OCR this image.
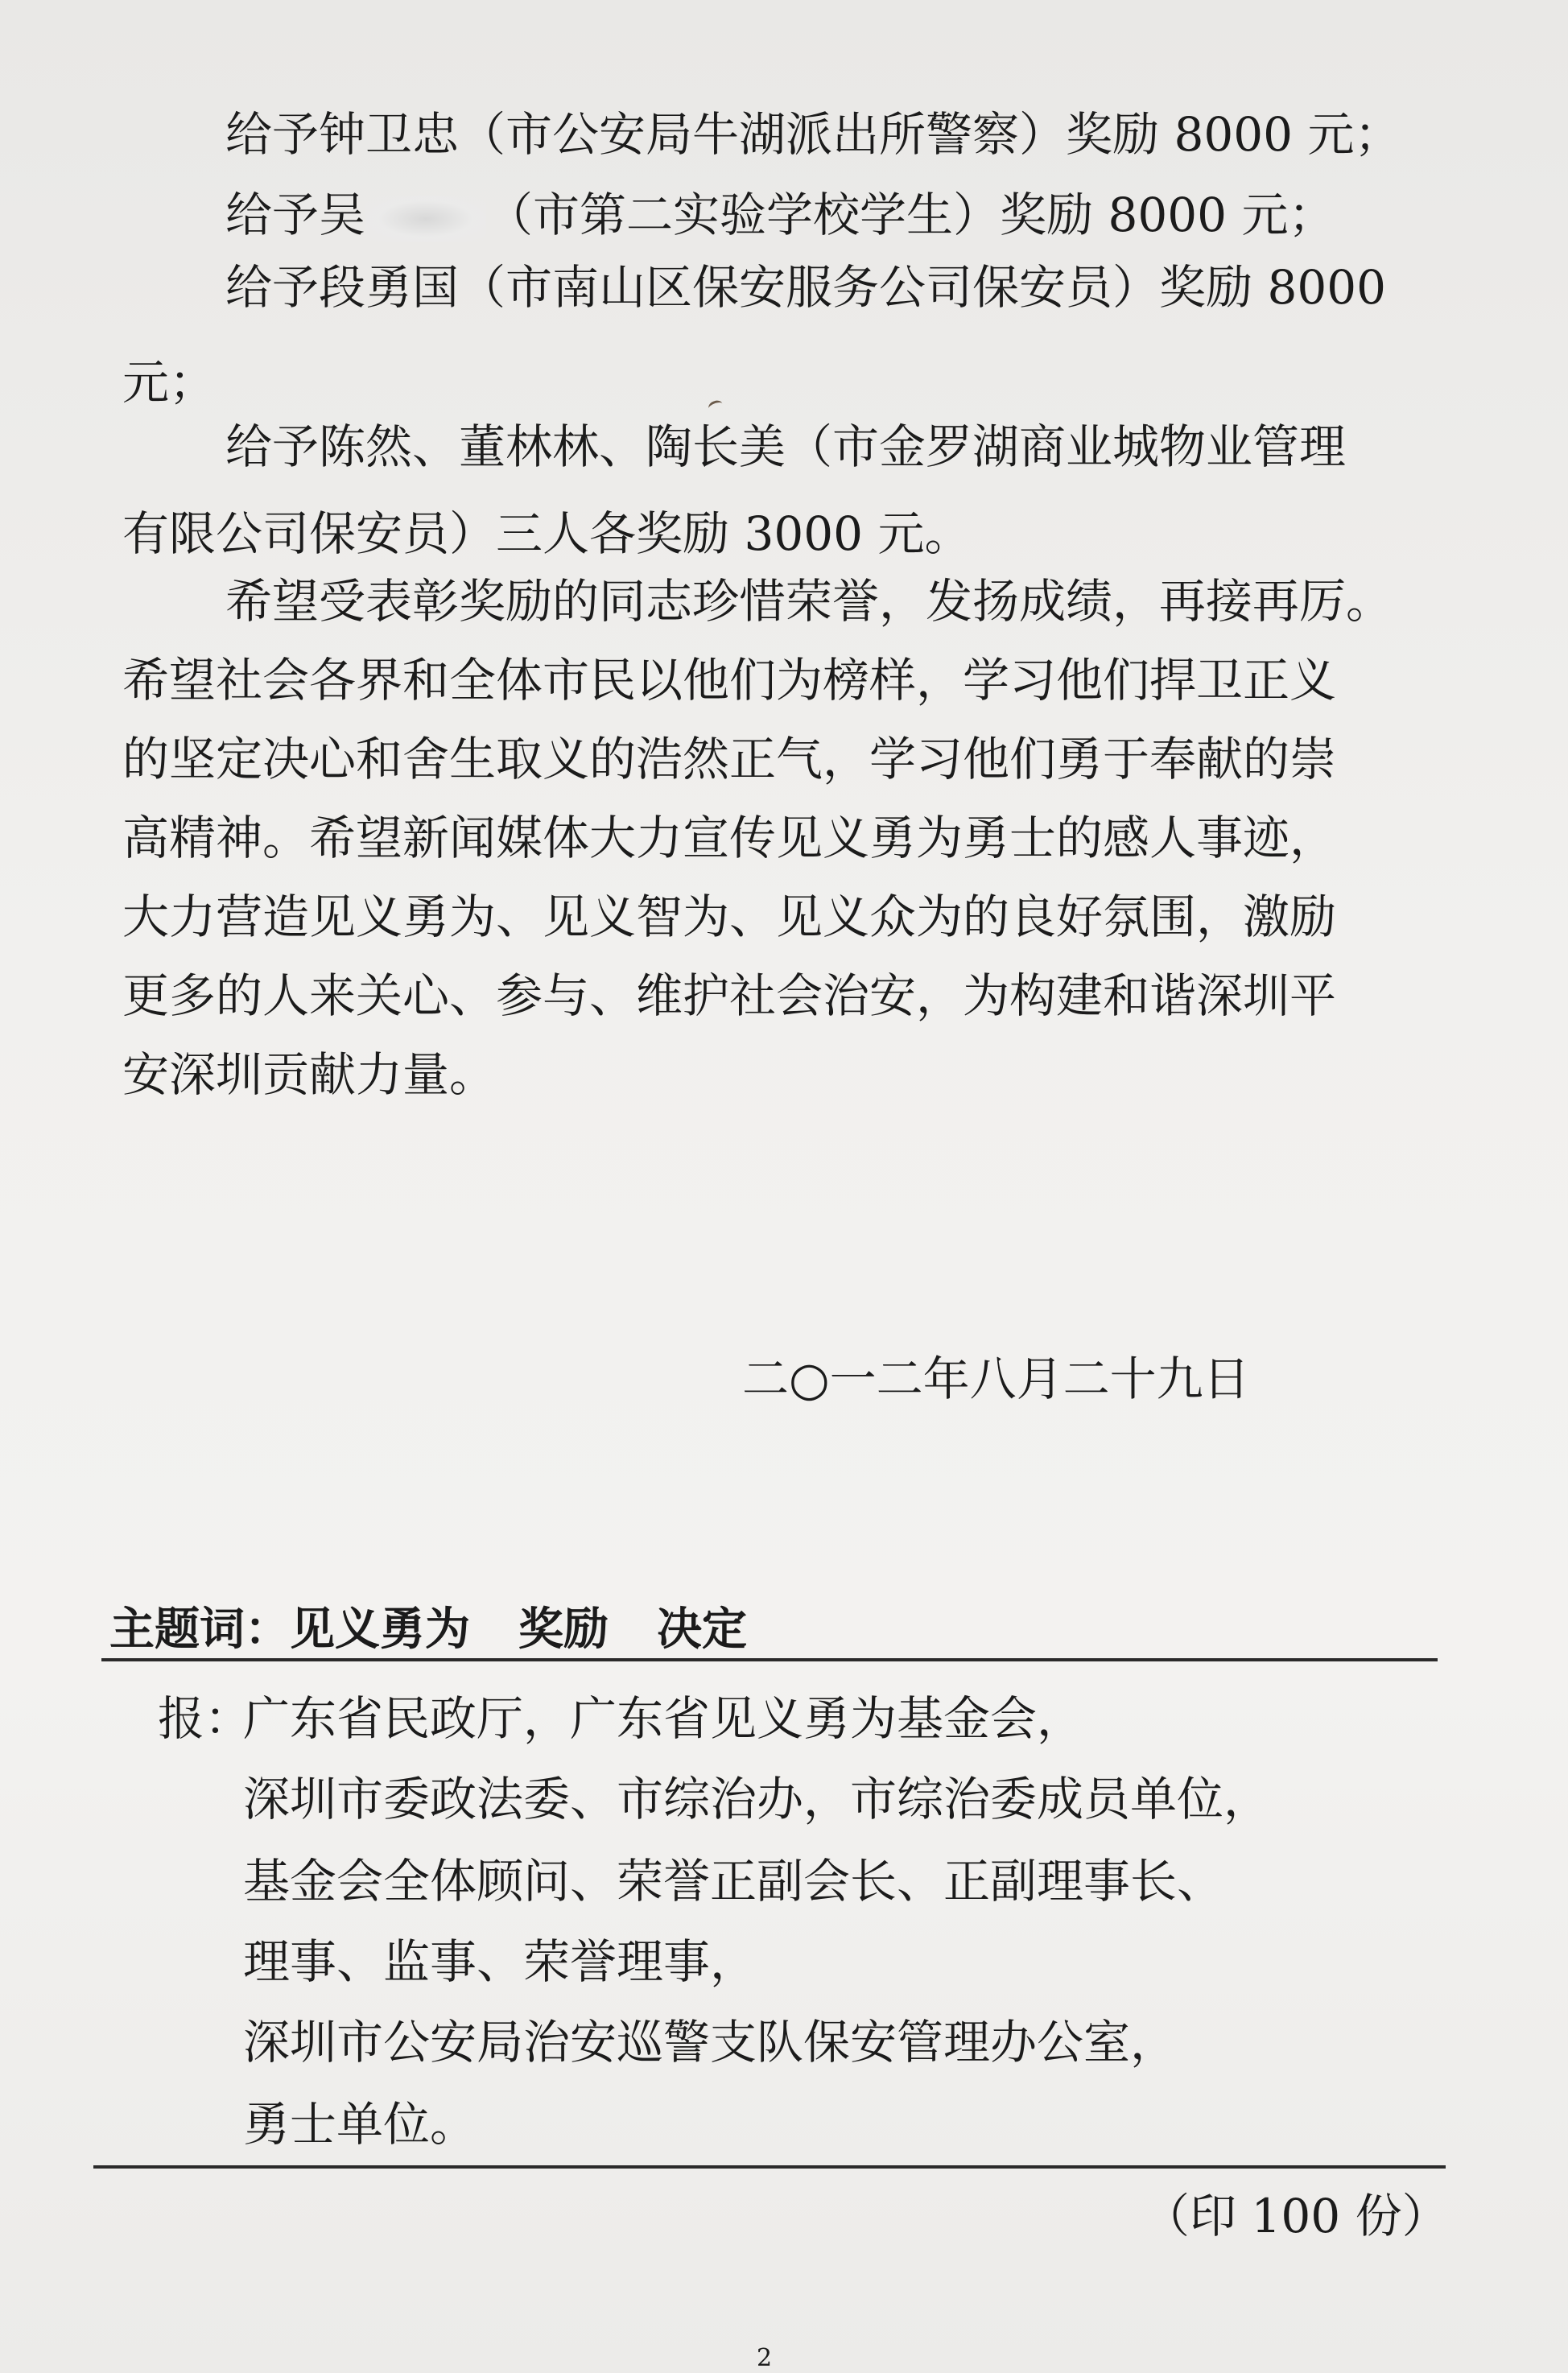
给予钟卫忠（市公安局牛湖派出所警察）奖励 8000 元；
给予吴	（市第二实验学校学生）奖励 8000 元；
给予段勇国（市南山区保安服务公司保安员）奖励 8000
元；
给予陈然、董林林、陶长美（市金罗湖商业城物业管理
有限公司保安员）三人各奖励 3000 元。
希望受表彰奖励的同志珍惜荣誉，发扬成绩，再接再厉。
希望社会各界和全体市民以他们为榜样，学习他们捍卫正义
的坚定决心和舍生取义的浩然正气，学习他们勇于奉献的崇
高精神。希望新闻媒体大力宣传见义勇为勇士的感人事迹，
大力营造见义勇为、见义智为、见义众为的良好氛围，激励
更多的人来关心、参与、维护社会治安，为构建和谐深圳平
安深圳贡献力量。
二○一二年八月二十九日
主题词：见义勇为 奖励 决定
报：
广东省民政厅，广东省见义勇为基金会，
深圳市委政法委、市综治办，市综治委成员单位，
基金会全体顾问、荣誉正副会长、正副理事长、
理事、监事、荣誉理事，
深圳市公安局治安巡警支队保安管理办公室，
勇士单位。
（印 100 份）
2
